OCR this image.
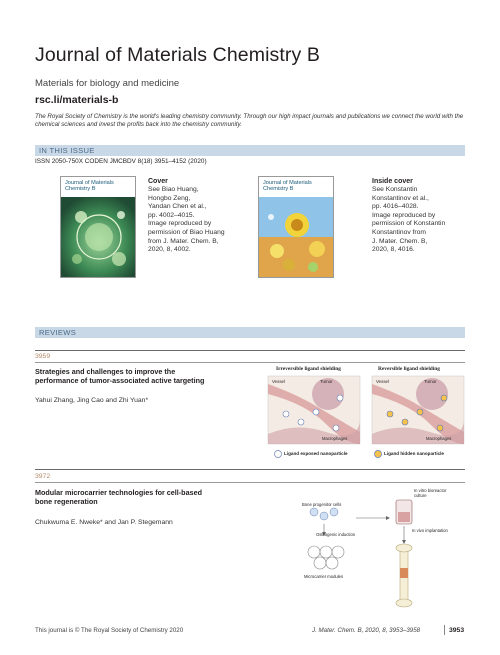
Journal of Materials Chemistry B
Materials for biology and medicine
rsc.li/materials-b
The Royal Society of Chemistry is the world's leading chemistry community. Through our high impact journals and publications we connect the world with the chemical sciences and invest the profits back into the chemistry community.
IN THIS ISSUE
ISSN 2050-750X CODEN JMCBDV 8(18) 3951–4152 (2020)
Journal of Materials Chemistry B
Cover
See Biao Huang,
Hongbo Zeng,
Yandan Chen et al.,
pp. 4002–4015.
Image reproduced by
permission of Biao Huang
from J. Mater. Chem. B,
2020, 8, 4002.
Journal of Materials Chemistry B
Inside cover
See Konstantin
Konstantinov et al.,
pp. 4016–4028.
Image reproduced by
permission of Konstantin
Konstantinov from
J. Mater. Chem. B,
2020, 8, 4016.
REVIEWS
3959
Strategies and challenges to improve the
performance of tumor-associated active targeting
Yahui Zhang, Jing Cao and Zhi Yuan*
Irreversible ligand shielding	Reversible ligand shielding
Vessel	Tumor	Vessel	Tumor
Macrophages	Macrophages
Ligand exposed nanoparticle	Ligand hidden nanoparticle
3972
Modular microcarrier technologies for cell-based
bone regeneration
Chukwuma E. Nweke* and Jan P. Stegemann
Bone progenitor cells
Osteogenic induction
Microcarrier modules
In vitro bioreactor culture
In vivo implantation
This journal is © The Royal Society of Chemistry 2020	J. Mater. Chem. B, 2020, 8, 3953–3958	3953
